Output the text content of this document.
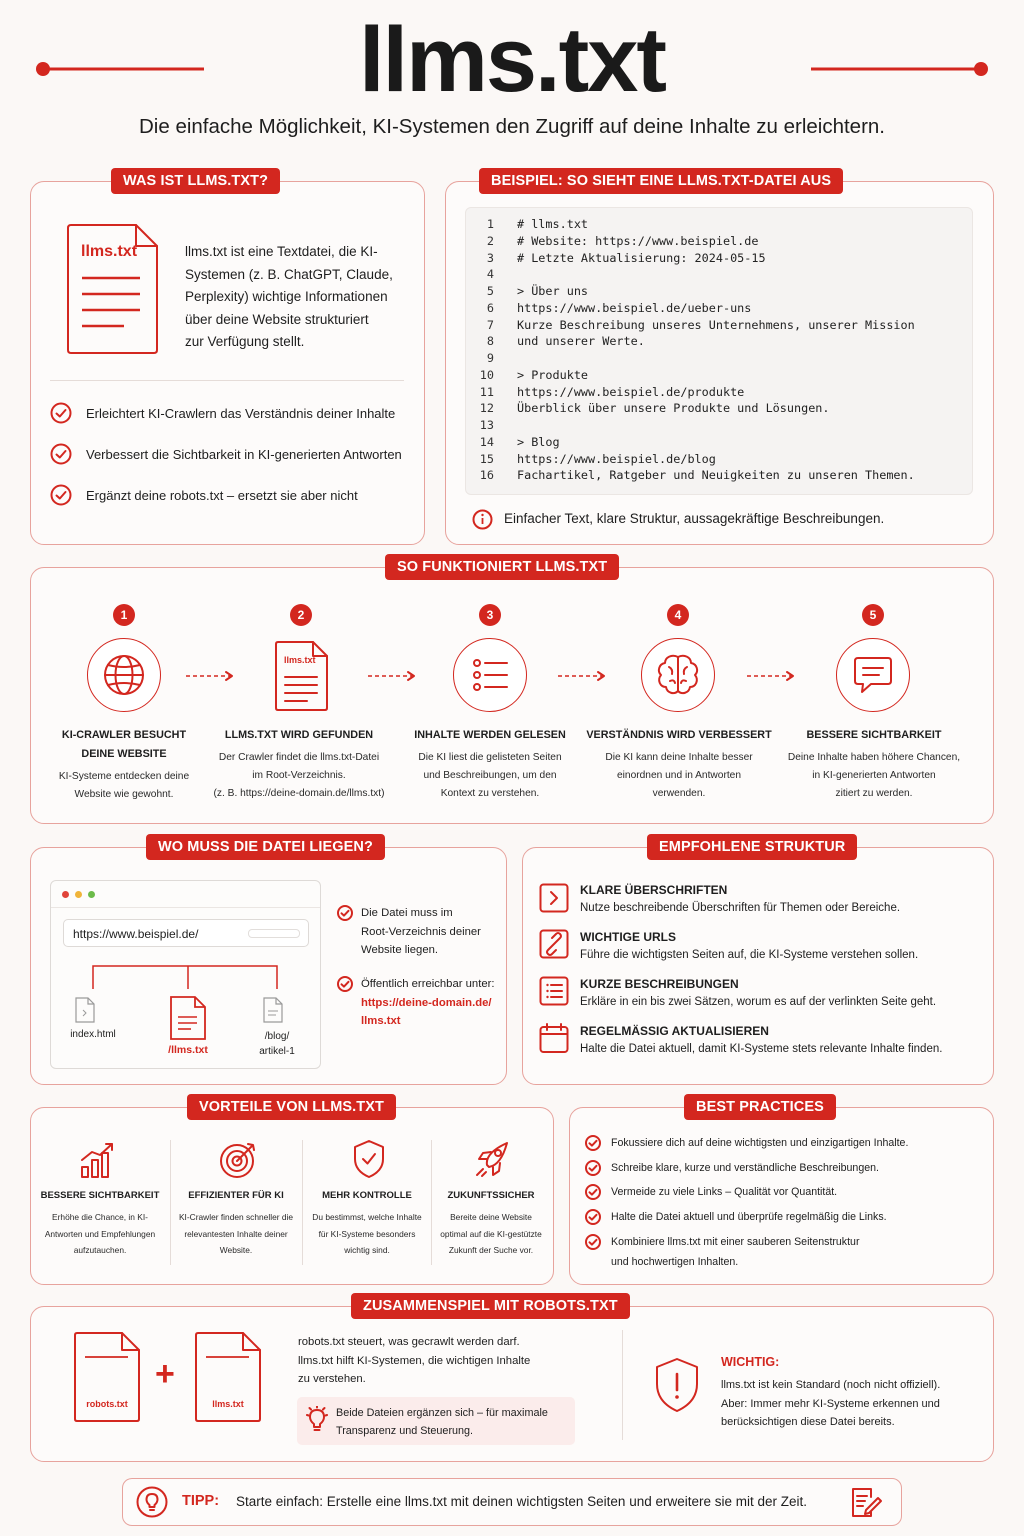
llms.txt
Die einfache Möglichkeit, KI-Systemen den Zugriff auf deine Inhalte zu erleichtern.
WAS IST LLMS.TXT?
llms.txt	llms.txt ist eine Textdatei, die KI-
Systemen (z. B. ChatGPT, Claude,
Perplexity) wichtige Informationen
über deine Website strukturiert
zur Verfügung stellt.
Erleichtert KI-Crawlern das Verständnis deiner Inhalte
Verbessert die Sichtbarkeit in KI-generierten Antworten
Ergänzt deine robots.txt – ersetzt sie aber nicht
BEISPIEL: SO SIEHT EINE LLMS.TXT-DATEI AUS
1 # llms.txt
2 # Website: https://www.beispiel.de
3 # Letzte Aktualisierung: 2024-05-15
4
5 > Über uns
6 https://www.beispiel.de/ueber-uns
7 Kurze Beschreibung unseres Unternehmens, unserer Mission
8 und unserer Werte.
9
10 > Produkte
11 https://www.beispiel.de/produkte
12 Überblick über unsere Produkte und Lösungen.
13
14 > Blog
15 https://www.beispiel.de/blog
16 Fachartikel, Ratgeber und Neuigkeiten zu unseren Themen.
Einfacher Text, klare Struktur, aussagekräftige Beschreibungen.
SO FUNKTIONIERT LLMS.TXT
1	2	3	4	5
llms.txt
KI-CRAWLER BESUCHT
DEINE WEBSITE
KI-Systeme entdecken deine
Website wie gewohnt.
LLMS.TXT WIRD GEFUNDEN
Der Crawler findet die llms.txt-Datei
im Root-Verzeichnis.
(z. B. https://deine-domain.de/llms.txt)
INHALTE WERDEN GELESEN
Die KI liest die gelisteten Seiten
und Beschreibungen, um den
Kontext zu verstehen.
VERSTÄNDNIS WIRD VERBESSERT
Die KI kann deine Inhalte besser
einordnen und in Antworten
verwenden.
BESSERE SICHTBARKEIT
Deine Inhalte haben höhere Chancen,
in KI-generierten Antworten
zitiert zu werden.
WO MUSS DIE DATEI LIEGEN?
https://www.beispiel.de/
index.html
/llms.txt
/blog/
artikel-1
Die Datei muss im
Root-Verzeichnis deiner
Website liegen.
Öffentlich erreichbar unter:
https://deine-domain.de/
llms.txt
EMPFOHLENE STRUKTUR
KLARE ÜBERSCHRIFTEN
Nutze beschreibende Überschriften für Themen oder Bereiche.
WICHTIGE URLS
Führe die wichtigsten Seiten auf, die KI-Systeme verstehen sollen.
KURZE BESCHREIBUNGEN
Erkläre in ein bis zwei Sätzen, worum es auf der verlinkten Seite geht.
REGELMÄSSIG AKTUALISIEREN
Halte die Datei aktuell, damit KI-Systeme stets relevante Inhalte finden.
VORTEILE VON LLMS.TXT
BESSERE SICHTBARKEIT
Erhöhe die Chance, in KI-
Antworten und Empfehlungen
aufzutauchen.
EFFIZIENTER FÜR KI
KI-Crawler finden schneller die
relevantesten Inhalte deiner
Website.
MEHR KONTROLLE
Du bestimmst, welche Inhalte
für KI-Systeme besonders
wichtig sind.
ZUKUNFTSSICHER
Bereite deine Website
optimal auf die KI-gestützte
Zukunft der Suche vor.
BEST PRACTICES
Fokussiere dich auf deine wichtigsten und einzigartigen Inhalte.
Schreibe klare, kurze und verständliche Beschreibungen.
Vermeide zu viele Links – Qualität vor Quantität.
Halte die Datei aktuell und überprüfe regelmäßig die Links.
Kombiniere llms.txt mit einer sauberen Seitenstruktur
und hochwertigen Inhalten.
ZUSAMMENSPIEL MIT ROBOTS.TXT
robots.txt
+
llms.txt
robots.txt steuert, was gecrawlt werden darf.
llms.txt hilft KI-Systemen, die wichtigen Inhalte
zu verstehen.
Beide Dateien ergänzen sich – für maximale
Transparenz und Steuerung.
WICHTIG:
llms.txt ist kein Standard (noch nicht offiziell).
Aber: Immer mehr KI-Systeme erkennen und
berücksichtigen diese Datei bereits.
TIPP: Starte einfach: Erstelle eine llms.txt mit deinen wichtigsten Seiten und erweitere sie mit der Zeit.
